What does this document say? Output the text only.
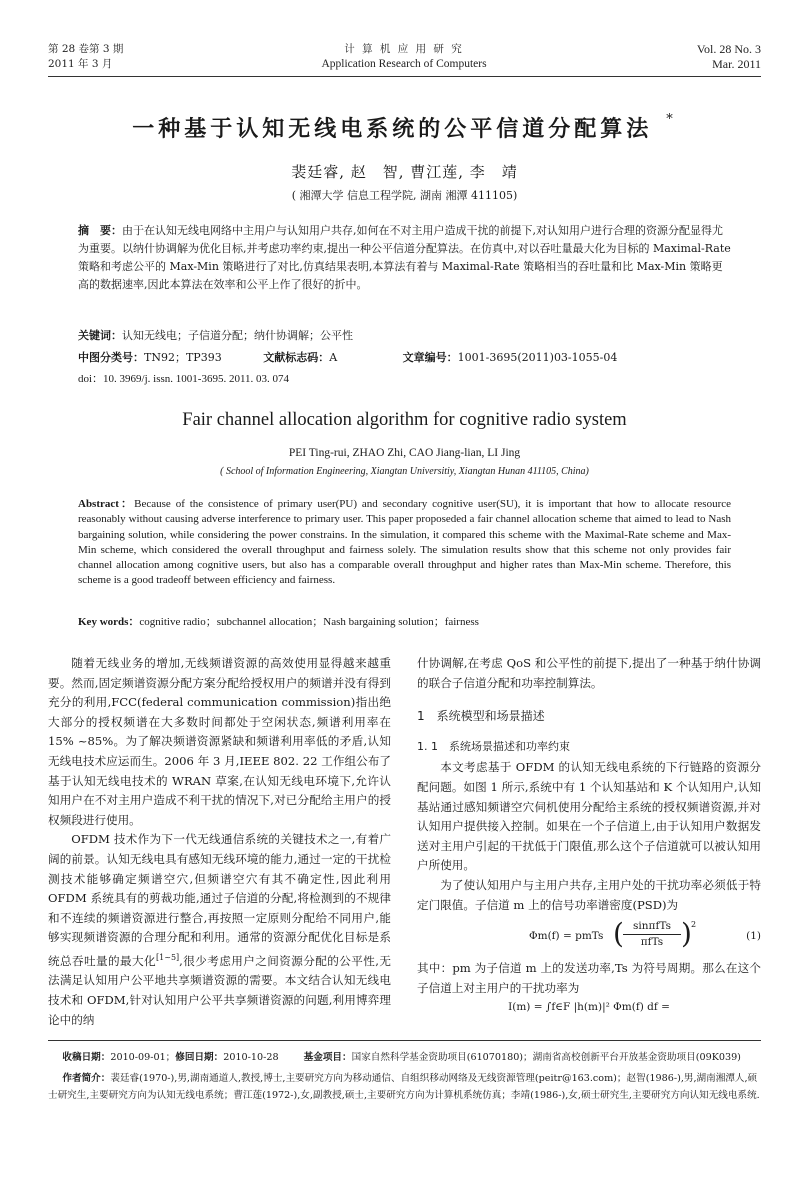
第 28 卷第 3 期
2011 年 3 月
计 算 机 应 用 研 究
Application Research of Computers
Vol. 28 No. 3
Mar. 2011
一种基于认知无线电系统的公平信道分配算法 *
裴廷睿, 赵　智, 曹江莲, 李　靖
( 湘潭大学 信息工程学院, 湖南 湘潭 411105)
摘　要：由于在认知无线电网络中主用户与认知用户共存,如何在不对主用户造成干扰的前提下,对认知用户进行合理的资源分配显得尤为重要。以纳什协调解为优化目标,并考虑功率约束,提出一种公平信道分配算法。在仿真中,对以吞吐量最大化为目标的 Maximal-Rate 策略和考虑公平的 Max-Min 策略进行了对比,仿真结果表明,本算法有着与 Maximal-Rate 策略相当的吞吐量和比 Max-Min 策略更高的数据速率,因此本算法在效率和公平上作了很好的折中。
关键词：认知无线电；子信道分配；纳什协调解；公平性
中图分类号：TN92；TP393	文献标志码：A	文章编号：1001-3695(2011)03-1055-04
doi：10. 3969/j. issn. 1001-3695. 2011. 03. 074
Fair channel allocation algorithm for cognitive radio system
PEI Ting-rui, ZHAO Zhi, CAO Jiang-lian, LI Jing
( School of Information Engineering, Xiangtan Universitiy, Xiangtan Hunan 411105, China)
Abstract：Because of the consistence of primary user(PU) and secondary cognitive user(SU), it is important that how to allocate resource reasonably without causing adverse interference to primary user. This paper proposeded a fair channel allocation scheme that aimed to lead to Nash bargaining solution, while considering the power constrains. In the simulation, it compared this scheme with the Maximal-Rate scheme and Max-Min scheme, which considered the overall throughput and fairness solely. The simulation results show that this scheme not only provides fair channel allocation among cognitive users, but also has a comparable overall throughput and higher rates than Max-Min scheme. Therefore, this scheme is a good tradeoff between efficiency and fairness.
Key words：cognitive radio；subchannel allocation；Nash bargaining solution；fairness

随着无线业务的增加,无线频谱资源的高效使用显得越来越重要。然而,固定频谱资源分配方案分配给授权用户的频谱并没有得到充分的利用,FCC(federal communication commission)指出绝大部分的授权频谱在大多数时间都处于空闲状态,频谱利用率在 15% ~85%。为了解决频谱资源紧缺和频谱利用率低的矛盾,认知无线电技术应运而生。2006 年 3 月,IEEE 802. 22 工作组公布了基于认知无线电技术的 WRAN 草案,在认知无线电环境下,允许认知用户在不对主用户造成不利干扰的情况下,对已分配给主用户的授权频段进行使用。

OFDM 技术作为下一代无线通信系统的关键技术之一,有着广阔的前景。认知无线电具有感知无线环境的能力,通过一定的干扰检测技术能够确定频谱空穴,但频谱空穴有其不确定性,因此利用 OFDM 系统具有的剪裁功能,通过子信道的分配,将检测到的不规律和不连续的频谱资源进行整合,再按照一定原则分配给不同用户,能够实现频谱资源的合理分配和利用。通常的资源分配优化目标是系统总吞吐量的最大化[1~5],很少考虑用户之间资源分配的公平性,无法满足认知用户公平地共享频谱资源的需要。本文结合认知无线电技术和 OFDM,针对认知用户公平共享频谱资源的问题,利用博弈理论中的纳

什协调解,在考虑 QoS 和公平性的前提下,提出了一种基于纳什协调的联合子信道分配和功率控制算法。
1　系统模型和场景描述
1. 1　系统场景描述和功率约束

本文考虑基于 OFDM 的认知无线电系统的下行链路的资源分配问题。如图 1 所示,系统中有 1 个认知基站和 K 个认知用户,认知基站通过感知频谱空穴伺机使用分配给主系统的授权频谱资源,并对认知用户提供接入控制。如果在一个子信道上,由于认知用户数据发送对主用户引起的干扰低于门限值,那么这个子信道就可以被认知用户所使用。

为了使认知用户与主用户共存,主用户处的干扰功率必须低于特定门限值。子信道 m 上的信号功率谱密度(PSD)为

Φm(f) = pmTs ( sinπfTs
πfTs ) 2
(1)
其中：pm 为子信道 m 上的发送功率,Ts 为符号周期。那么在这个子信道上对主用户的干扰功率为
I(m) = ∫f∈F |h(m)|² Φm(f) df =
收稿日期：2010-09-01；修回日期：2010-10-28	基金项目：国家自然科学基金资助项目(61070180)；湖南省高校创新平台开放基金资助项目(09K039)
作者简介：裴廷睿(1970-),男,湖南通道人,教授,博士,主要研究方向为移动通信、自组织移动网络及无线资源管理(peitr@163.com)；赵智(1986-),男,湖南湘潭人,硕士研究生,主要研究方向为认知无线电系统；曹江莲(1972-),女,副教授,硕士,主要研究方向为计算机系统仿真；李靖(1986-),女,硕士研究生,主要研究方向认知无线电系统.
